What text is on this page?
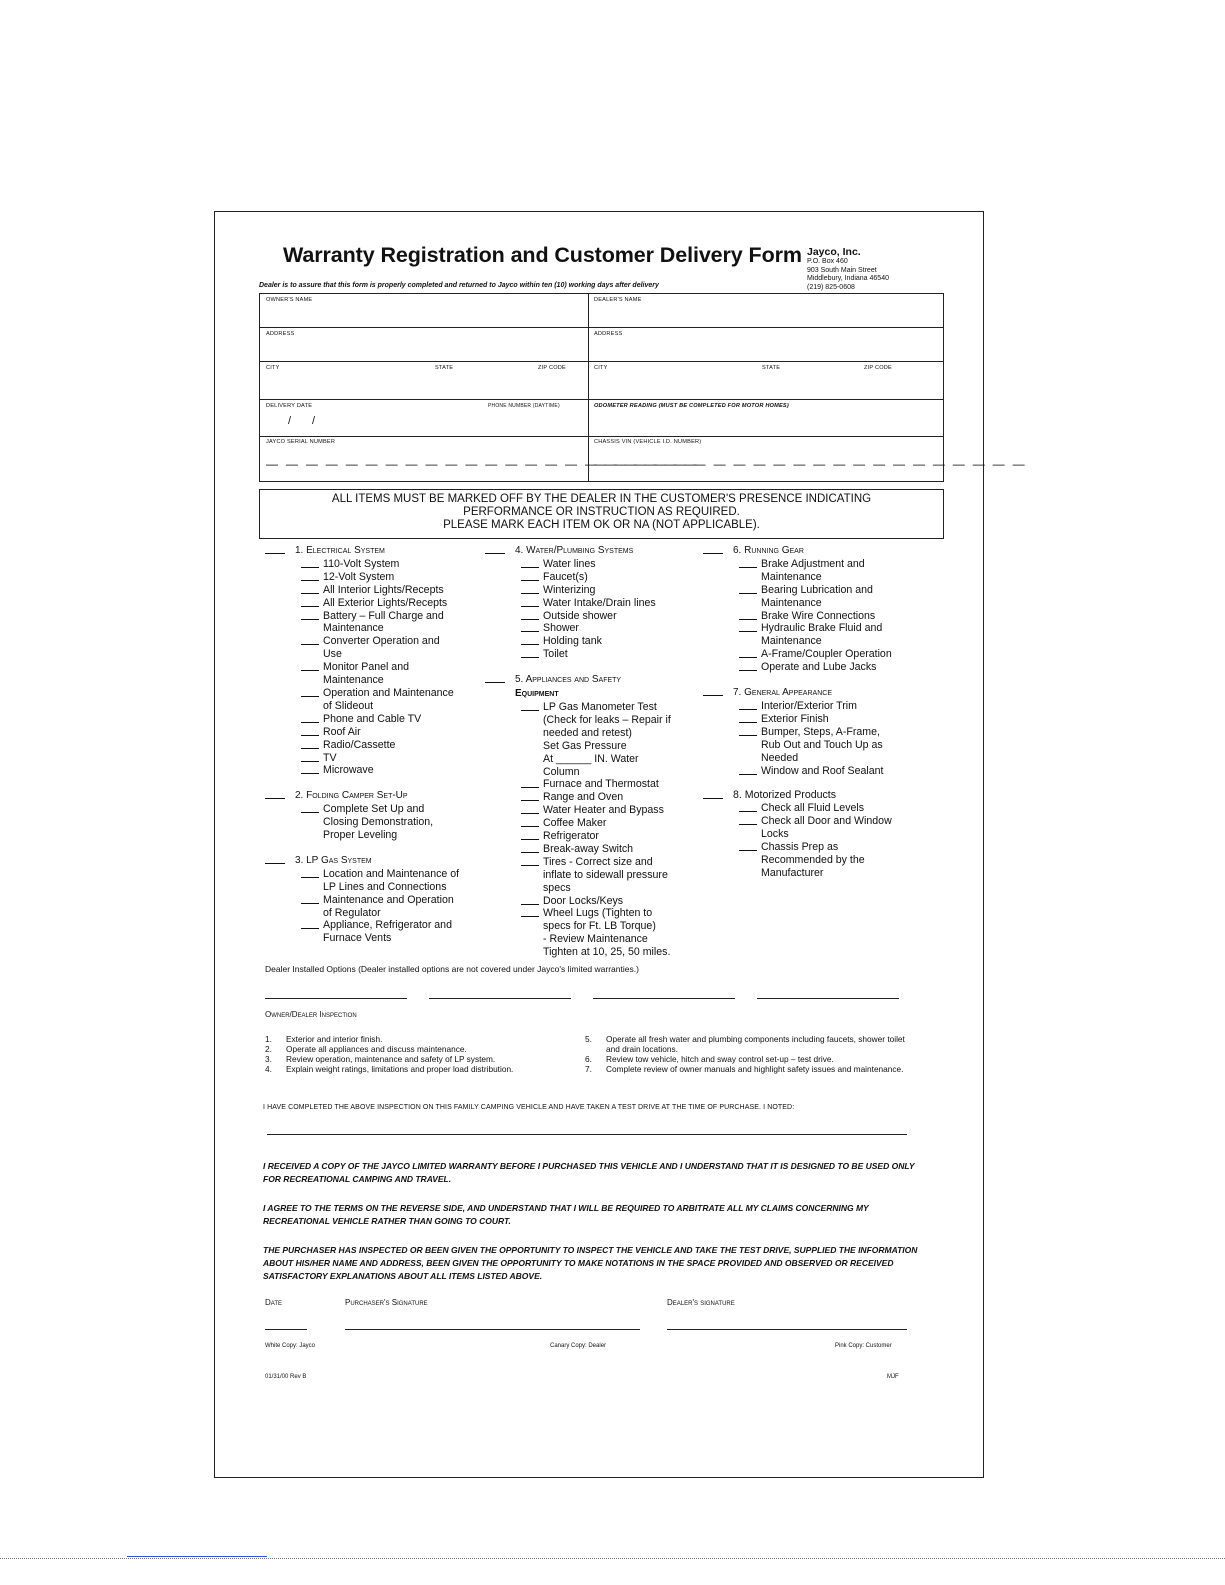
Warranty Registration and Customer Delivery Form Jayco, Inc.
P.O. Box 460
903 South Main Street
Middlebury, Indiana 46540
(219) 825-0608
Dealer is to assure that this form is properly completed and returned to Jayco within ten (10) working days after delivery
OWNER'S NAME	DEALER'S NAME
ADDRESS	ADDRESS
CITY	STATE	ZIP CODE	CITY	STATE	ZIP CODE
DELIVERY DATE	PHONE NUMBER (DAYTIME)	ODOMETER READING (MUST BE COMPLETED FOR MOTOR HOMES)
/ /
JAYCO SERIAL NUMBER	CHASSIS VIN (VEHICLE I.D. NUMBER)
— — — — — — — — — — — — — — — — — — — — — —
— — — — — — — — — — — — — — — — — — — — — —
ALL ITEMS MUST BE MARKED OFF BY THE DEALER IN THE CUSTOMER'S PRESENCE INDICATING
PERFORMANCE OR INSTRUCTION AS REQUIRED.
PLEASE MARK EACH ITEM OK OR NA (NOT APPLICABLE).
1. Electrical System
110-Volt System
12-Volt System
All Interior Lights/Recepts
All Exterior Lights/Recepts
Battery – Full Charge and
Maintenance
Converter Operation and
Use
Monitor Panel and
Maintenance
Operation and Maintenance
of Slideout
Phone and Cable TV
Roof Air
Radio/Cassette
TV
Microwave
2. Folding Camper Set-Up
Complete Set Up and
Closing Demonstration,
Proper Leveling
3. LP Gas System
Location and Maintenance of
LP Lines and Connections
Maintenance and Operation
of Regulator
Appliance, Refrigerator and
Furnace Vents
4. Water/Plumbing Systems
Water lines
Faucet(s)
Winterizing
Water Intake/Drain lines
Outside shower
Shower
Holding tank
Toilet
5. Appliances and Safety
Equipment
LP Gas Manometer Test
(Check for leaks – Repair if
needed and retest)
Set Gas Pressure
At ______ IN. Water
Column
Furnace and Thermostat
Range and Oven
Water Heater and Bypass
Coffee Maker
Refrigerator
Break-away Switch
Tires - Correct size and
inflate to sidewall pressure
specs
Door Locks/Keys
Wheel Lugs (Tighten to
specs for Ft. LB Torque)
- Review Maintenance
Tighten at 10, 25, 50 miles.
6. Running Gear
Brake Adjustment and
Maintenance
Bearing Lubrication and
Maintenance
Brake Wire Connections
Hydraulic Brake Fluid and
Maintenance
A-Frame/Coupler Operation
Operate and Lube Jacks
7. General Appearance
Interior/Exterior Trim
Exterior Finish
Bumper, Steps, A-Frame,
Rub Out and Touch Up as
Needed
Window and Roof Sealant
8. Motorized Products
Check all Fluid Levels
Check all Door and Window
Locks
Chassis Prep as
Recommended by the
Manufacturer
Dealer Installed Options (Dealer installed options are not covered under Jayco's limited warranties.)
Owner/Dealer Inspection
1. Exterior and interior finish.
2. Operate all appliances and discuss maintenance.
3. Review operation, maintenance and safety of LP system.
4. Explain weight ratings, limitations and proper load distribution.
5. Operate all fresh water and plumbing components including faucets, shower toilet and drain locations.
6. Review tow vehicle, hitch and sway control set-up – test drive.
7. Complete review of owner manuals and highlight safety issues and maintenance.
I HAVE COMPLETED THE ABOVE INSPECTION ON THIS FAMILY CAMPING VEHICLE AND HAVE TAKEN A TEST DRIVE AT THE TIME OF PURCHASE. I NOTED:
I RECEIVED A COPY OF THE JAYCO LIMITED WARRANTY BEFORE I PURCHASED THIS VEHICLE AND I UNDERSTAND THAT IT IS DESIGNED TO BE USED ONLY FOR RECREATIONAL CAMPING AND TRAVEL.
I AGREE TO THE TERMS ON THE REVERSE SIDE, AND UNDERSTAND THAT I WILL BE REQUIRED TO ARBITRATE ALL MY CLAIMS CONCERNING MY RECREATIONAL VEHICLE RATHER THAN GOING TO COURT.
THE PURCHASER HAS INSPECTED OR BEEN GIVEN THE OPPORTUNITY TO INSPECT THE VEHICLE AND TAKE THE TEST DRIVE, SUPPLIED THE INFORMATION ABOUT HIS/HER NAME AND ADDRESS, BEEN GIVEN THE OPPORTUNITY TO MAKE NOTATIONS IN THE SPACE PROVIDED AND OBSERVED OR RECEIVED SATISFACTORY EXPLANATIONS ABOUT ALL ITEMS LISTED ABOVE.
Date	Purchaser's Signature	Dealer's signature
White Copy: Jayco	Canary Copy: Dealer	Pink Copy: Customer
01/31/00 Rev B	MJF
